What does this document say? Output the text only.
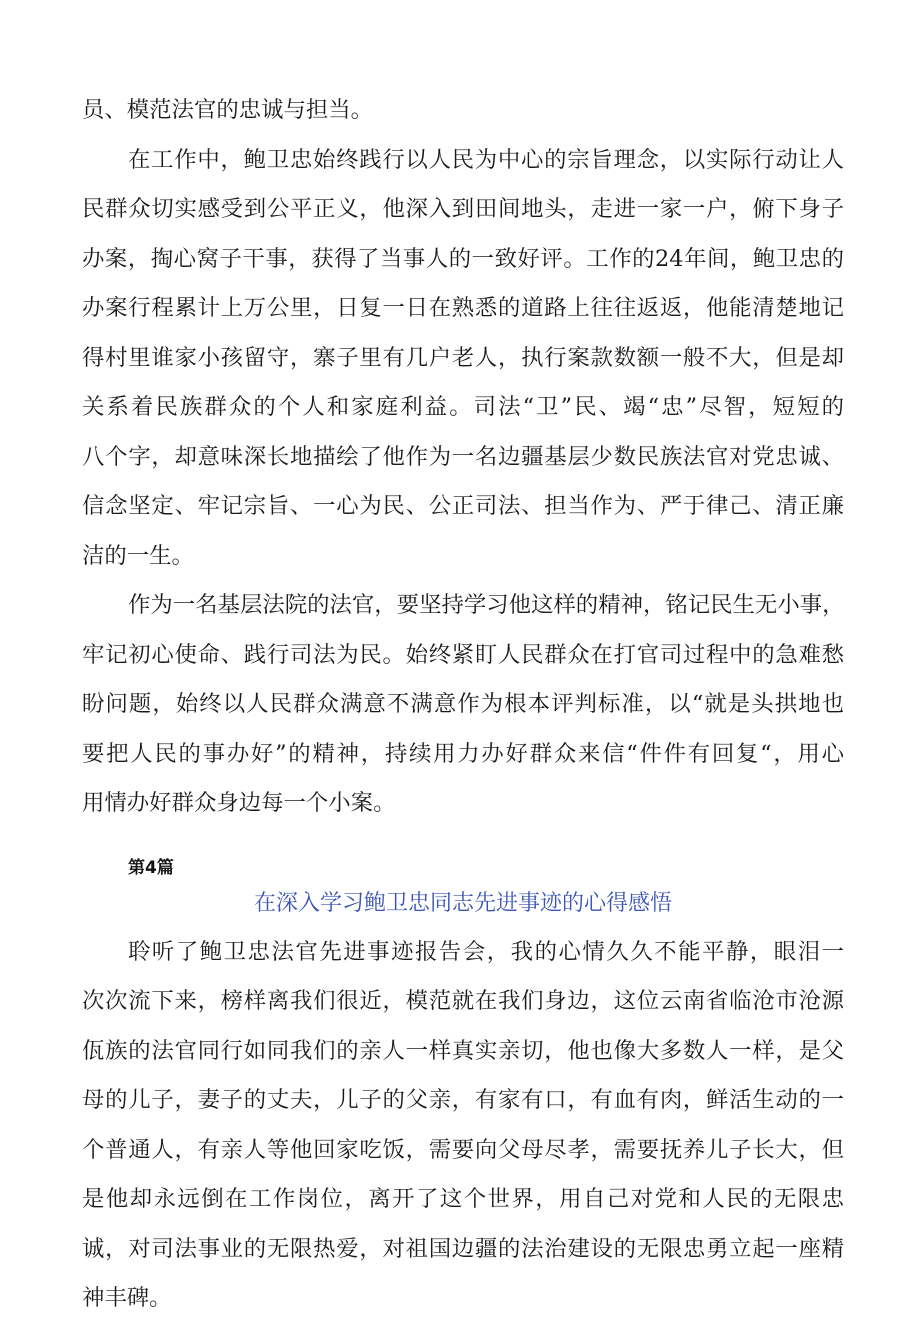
员、模范法官的忠诚与担当。
在工作中，鲍卫忠始终践行以人民为中心的宗旨理念，以实际行动让人
民群众切实感受到公平正义，他深入到田间地头，走进一家一户，俯下身子
办案，掏心窝子干事，获得了当事人的一致好评。工作的24年间，鲍卫忠的
办案行程累计上万公里，日复一日在熟悉的道路上往往返返，他能清楚地记
得村里谁家小孩留守，寨子里有几户老人，执行案款数额一般不大，但是却
关系着民族群众的个人和家庭利益。司法“卫”民、竭“忠”尽智，短短的
八个字，却意味深长地描绘了他作为一名边疆基层少数民族法官对党忠诚、
信念坚定、牢记宗旨、一心为民、公正司法、担当作为、严于律己、清正廉
洁的一生。
作为一名基层法院的法官，要坚持学习他这样的精神，铭记民生无小事，
牢记初心使命、践行司法为民。始终紧盯人民群众在打官司过程中的急难愁
盼问题，始终以人民群众满意不满意作为根本评判标准，以“就是头拱地也
要把人民的事办好”的精神，持续用力办好群众来信“件件有回复“，用心
用情办好群众身边每一个小案。
第4篇
在深入学习鲍卫忠同志先进事迹的心得感悟
聆听了鲍卫忠法官先进事迹报告会，我的心情久久不能平静，眼泪一
次次流下来，榜样离我们很近，模范就在我们身边，这位云南省临沧市沧源
佤族的法官同行如同我们的亲人一样真实亲切，他也像大多数人一样，是父
母的儿子，妻子的丈夫，儿子的父亲，有家有口，有血有肉，鲜活生动的一
个普通人，有亲人等他回家吃饭，需要向父母尽孝，需要抚养儿子长大，但
是他却永远倒在工作岗位，离开了这个世界，用自己对党和人民的无限忠
诚，对司法事业的无限热爱，对祖国边疆的法治建设的无限忠勇立起一座精
神丰碑。
